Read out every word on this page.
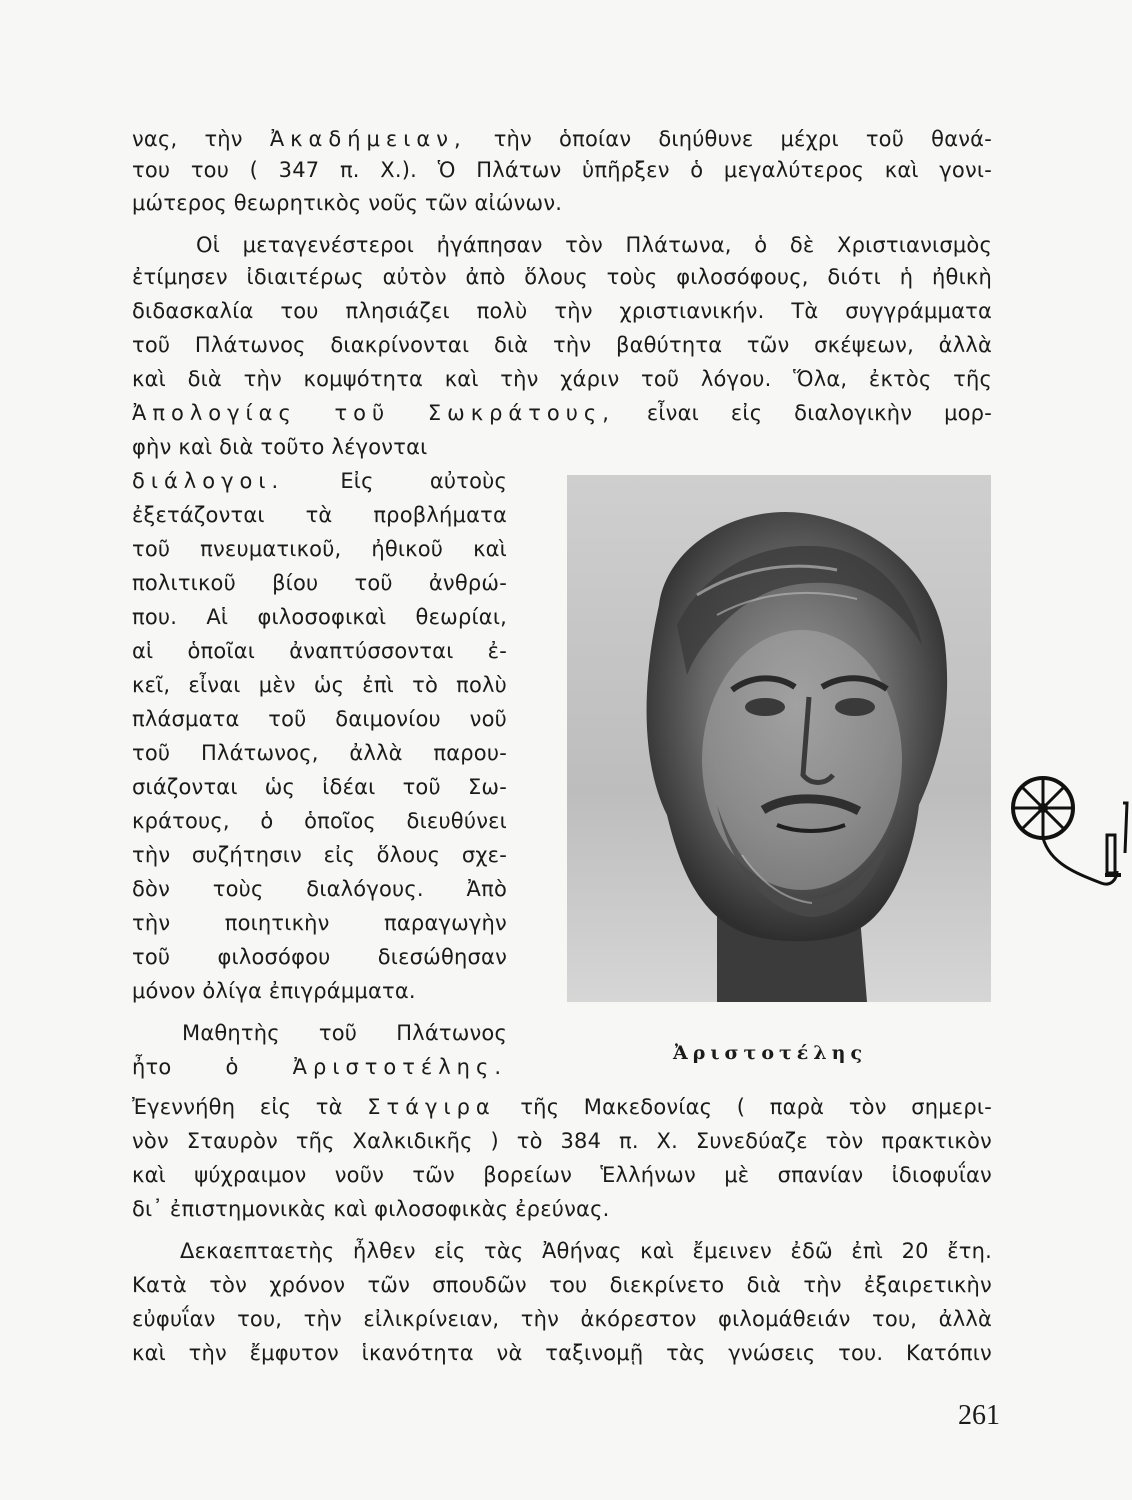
νας, τὴν Ἀκαδήμειαν, τὴν ὁποίαν διηύθυνε μέχρι τοῦ θανά-
του του ( 347 π. Χ.). Ὁ Πλάτων ὑπῆρξεν ὁ μεγαλύτερος καὶ γονι-
μώτερος θεωρητικὸς νοῦς τῶν αἰώνων.
Οἱ μεταγενέστεροι ἠγάπησαν τὸν Πλάτωνα, ὁ δὲ Χριστιανισμὸς
ἐτίμησεν ἰδιαιτέρως αὐτὸν ἀπὸ ὅλους τοὺς φιλοσόφους, διότι ἡ ἠθικὴ
διδασκαλία του πλησιάζει πολὺ τὴν χριστιανικήν. Τὰ συγγράμματα
τοῦ Πλάτωνος διακρίνονται διὰ τὴν βαθύτητα τῶν σκέψεων, ἀλλὰ
καὶ διὰ τὴν κομψότητα καὶ τὴν χάριν τοῦ λόγου. Ὅλα, ἐκτὸς τῆς
Ἀπολογίας τοῦ Σωκράτους, εἶναι εἰς διαλογικὴν μορ-
φὴν καὶ διὰ τοῦτο λέγονται
διάλογοι.	Εἰς αὐτοὺς
ἐξετάζονται τὰ προβλήματα
τοῦ πνευματικοῦ, ἠθικοῦ καὶ
πολιτικοῦ βίου τοῦ ἀνθρώ-
που. Αἱ φιλοσοφικαὶ θεωρίαι,
αἱ ὁποῖαι ἀναπτύσσονται ἐ-
κεῖ, εἶναι μὲν ὡς ἐπὶ τὸ πολὺ
πλάσματα τοῦ δαιμονίου νοῦ
τοῦ Πλάτωνος, ἀλλὰ παρου-
σιάζονται ὡς ἰδέαι τοῦ Σω-
κράτους, ὁ ὁποῖος διευθύνει
τὴν συζήτησιν εἰς ὅλους σχε-
δὸν τοὺς διαλόγους. Ἀπὸ
τὴν ποιητικὴν παραγωγὴν
τοῦ φιλοσόφου διεσώθησαν
μόνον ὀλίγα ἐπιγράμματα.
Μαθητὴς τοῦ Πλάτωνος
ἦτο ὁ	Ἀριστοτέλης.
Ἐγεννήθη εἰς τὰ Στάγιρα τῆς Μακεδονίας ( παρὰ τὸν σημερι-
νὸν Σταυρὸν τῆς Χαλκιδικῆς ) τὸ 384 π. Χ. Συνεδύαζε τὸν πρακτικὸν
καὶ ψύχραιμον νοῦν τῶν βορείων Ἑλλήνων μὲ σπανίαν ἰδιοφυΐαν
δι᾿ ἐπιστημονικὰς καὶ φιλοσοφικὰς ἐρεύνας.
Δεκαεπταετὴς ἦλθεν εἰς τὰς Ἀθήνας καὶ ἔμεινεν ἐδῶ ἐπὶ 20 ἔτη.
Κατὰ τὸν χρόνον τῶν σπουδῶν του διεκρίνετο διὰ τὴν ἐξαιρετικὴν
εὐφυΐαν του, τὴν εἰλικρίνειαν, τὴν ἀκόρεστον φιλομάθειάν του, ἀλλὰ
καὶ τὴν ἔμφυτον ἱκανότητα νὰ ταξινομῇ τὰς γνώσεις του. Κατόπιν
Ἀριστοτέλης
261
